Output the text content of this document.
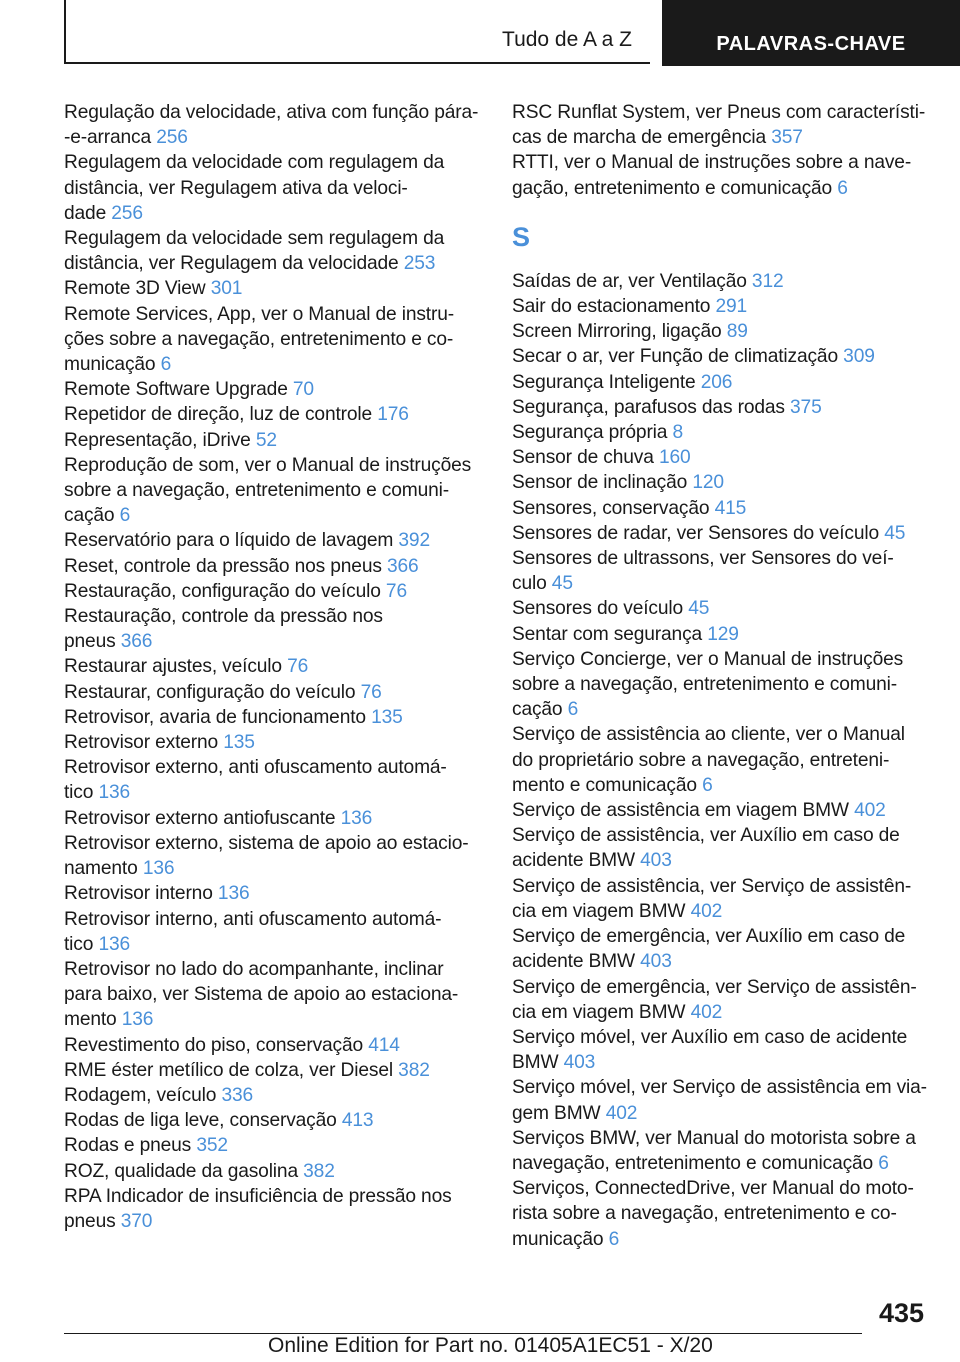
Tudo de A a Z	PALAVRAS-CHAVE
Regulação da velocidade, ativa com função pára-
-e-arranca 256
Regulagem da velocidade com regulagem da
distância, ver Regulagem ativa da veloci-
dade 256
Regulagem da velocidade sem regulagem da
distância, ver Regulagem da velocidade 253
Remote 3D View 301
Remote Services, App, ver o Manual de instru-
ções sobre a navegação, entretenimento e co-
municação 6
Remote Software Upgrade 70
Repetidor de direção, luz de controle 176
Representação, iDrive 52
Reprodução de som, ver o Manual de instruções
sobre a navegação, entretenimento e comuni-
cação 6
Reservatório para o líquido de lavagem 392
Reset, controle da pressão nos pneus 366
Restauração, configuração do veículo 76
Restauração, controle da pressão nos
pneus 366
Restaurar ajustes, veículo 76
Restaurar, configuração do veículo 76
Retrovisor, avaria de funcionamento 135
Retrovisor externo 135
Retrovisor externo, anti ofuscamento automá-
tico 136
Retrovisor externo antiofuscante 136
Retrovisor externo, sistema de apoio ao estacio-
namento 136
Retrovisor interno 136
Retrovisor interno, anti ofuscamento automá-
tico 136
Retrovisor no lado do acompanhante, inclinar
para baixo, ver Sistema de apoio ao estaciona-
mento 136
Revestimento do piso, conservação 414
RME éster metílico de colza, ver Diesel 382
Rodagem, veículo 336
Rodas de liga leve, conservação 413
Rodas e pneus 352
ROZ, qualidade da gasolina 382
RPA Indicador de insuficiência de pressão nos
pneus 370
RSC Runflat System, ver Pneus com característi-
cas de marcha de emergência 357
RTTI, ver o Manual de instruções sobre a nave-
gação, entretenimento e comunicação 6
S
Saídas de ar, ver Ventilação 312
Sair do estacionamento 291
Screen Mirroring, ligação 89
Secar o ar, ver Função de climatização 309
Segurança Inteligente 206
Segurança, parafusos das rodas 375
Segurança própria 8
Sensor de chuva 160
Sensor de inclinação 120
Sensores, conservação 415
Sensores de radar, ver Sensores do veículo 45
Sensores de ultrassons, ver Sensores do veí-
culo 45
Sensores do veículo 45
Sentar com segurança 129
Serviço Concierge, ver o Manual de instruções
sobre a navegação, entretenimento e comuni-
cação 6
Serviço de assistência ao cliente, ver o Manual
do proprietário sobre a navegação, entreteni-
mento e comunicação 6
Serviço de assistência em viagem BMW 402
Serviço de assistência, ver Auxílio em caso de
acidente BMW 403
Serviço de assistência, ver Serviço de assistên-
cia em viagem BMW 402
Serviço de emergência, ver Auxílio em caso de
acidente BMW 403
Serviço de emergência, ver Serviço de assistên-
cia em viagem BMW 402
Serviço móvel, ver Auxílio em caso de acidente
BMW 403
Serviço móvel, ver Serviço de assistência em via-
gem BMW 402
Serviços BMW, ver Manual do motorista sobre a
navegação, entretenimento e comunicação 6
Serviços, ConnectedDrive, ver Manual do moto-
rista sobre a navegação, entretenimento e co-
municação 6
435
Online Edition for Part no. 01405A1EC51 - X/20
